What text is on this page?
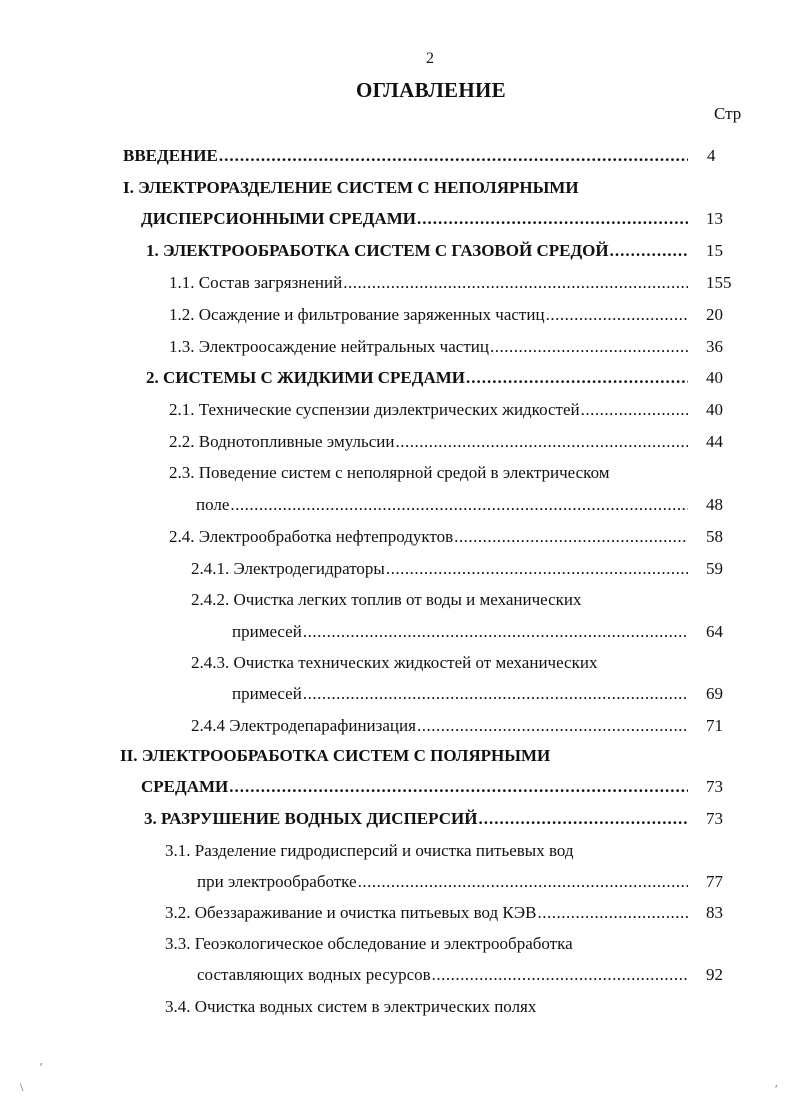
2
ОГЛАВЛЕНИЕ
Стр
ВВЕДЕНИЕ .....	4
I. ЭЛЕКТРОРАЗДЕЛЕНИЕ СИСТЕМ С НЕПОЛЯРНЫМИ
ДИСПЕРСИОННЫМИ СРЕДАМИ .....	13
1. ЭЛЕКТРООБРАБОТКА СИСТЕМ С ГАЗОВОЙ СРЕДОЙ .....	15
1.1. Состав загрязнений .....	155
1.2. Осаждение и фильтрование заряженных частиц .....	20
1.3. Электроосаждение нейтральных частиц .....	36
2. СИСТЕМЫ С ЖИДКИМИ СРЕДАМИ .....	40
2.1. Технические суспензии диэлектрических жидкостей .....	40
2.2. Воднотопливные эмульсии .....	44
2.3. Поведение систем с неполярной средой в электрическом
поле .....	48
2.4. Электрообработка нефтепродуктов .....	58
2.4.1. Электродегидраторы .....	59
2.4.2. Очистка легких топлив от воды и механических
примесей .....	64
2.4.3. Очистка технических жидкостей от механических
примесей .....	69
2.4.4 Электродепарафинизация .....	71
II. ЭЛЕКТРООБРАБОТКА СИСТЕМ С ПОЛЯРНЫМИ
СРЕДАМИ .....	73
3. РАЗРУШЕНИЕ ВОДНЫХ ДИСПЕРСИЙ .....	73
3.1. Разделение гидродисперсий и очистка питьевых вод
при электрообработке .....	77
3.2. Обеззараживание и очистка питьевых вод КЭВ .....	83
3.3. Геоэкологическое обследование и электрообработка
составляющих водных ресурсов .....	92
3.4. Очистка водных систем в электрических полях
\
ʹ
ʹ
